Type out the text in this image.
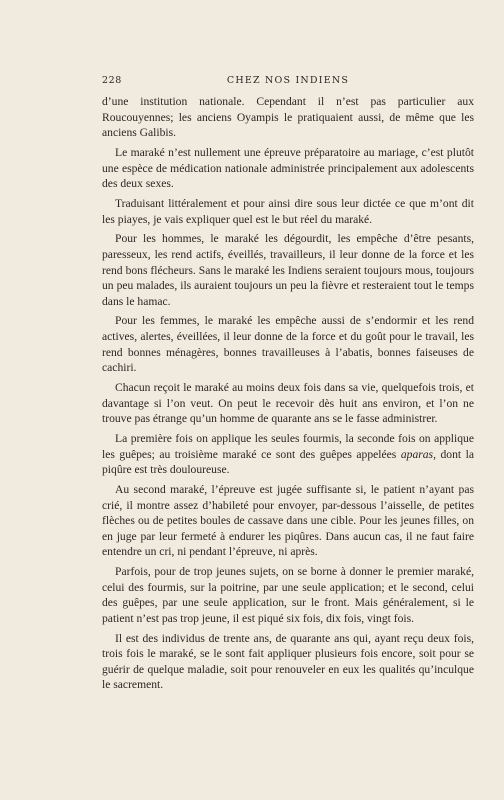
228	CHEZ NOS INDIENS

d’une institution nationale. Cependant il n’est pas particulier aux Roucouyennes; les anciens Oyampis le pratiquaient aussi, de même que les anciens Galibis.

Le maraké n’est nullement une épreuve préparatoire au mariage, c’est plutôt une espèce de médication nationale administrée principalement aux adolescents des deux sexes.

Traduisant littéralement et pour ainsi dire sous leur dictée ce que m’ont dit les piayes, je vais expliquer quel est le but réel du maraké.

Pour les hommes, le maraké les dégourdit, les empêche d’être pesants, paresseux, les rend actifs, éveillés, travailleurs, il leur donne de la force et les rend bons flécheurs. Sans le maraké les Indiens seraient toujours mous, toujours un peu malades, ils auraient toujours un peu la fièvre et resteraient tout le temps dans le hamac.

Pour les femmes, le maraké les empêche aussi de s’endormir et les rend actives, alertes, éveillées, il leur donne de la force et du goût pour le travail, les rend bonnes ménagères, bonnes travailleuses à l’abatis, bonnes faiseuses de cachiri.

Chacun reçoit le maraké au moins deux fois dans sa vie, quelquefois trois, et davantage si l’on veut. On peut le recevoir dès huit ans environ, et l’on ne trouve pas étrange qu’un homme de quarante ans se le fasse administrer.

La première fois on applique les seules fourmis, la seconde fois on applique les guêpes; au troisième maraké ce sont des guêpes appelées aparas, dont la piqûre est très douloureuse.

Au second maraké, l’épreuve est jugée suffisante si, le patient n’ayant pas crié, il montre assez d’habileté pour envoyer, par-dessous l’aisselle, de petites flèches ou de petites boules de cassave dans une cible. Pour les jeunes filles, on en juge par leur fermeté à endurer les piqûres. Dans aucun cas, il ne faut faire entendre un cri, ni pendant l’épreuve, ni après.

Parfois, pour de trop jeunes sujets, on se borne à donner le premier maraké, celui des fourmis, sur la poitrine, par une seule application; et le second, celui des guêpes, par une seule application, sur le front. Mais généralement, si le patient n’est pas trop jeune, il est piqué six fois, dix fois, vingt fois.

Il est des individus de trente ans, de quarante ans qui, ayant reçu deux fois, trois fois le maraké, se le sont fait appliquer plusieurs fois encore, soit pour se guérir de quelque maladie, soit pour renouveler en eux les qualités qu’inculque le sacrement.
